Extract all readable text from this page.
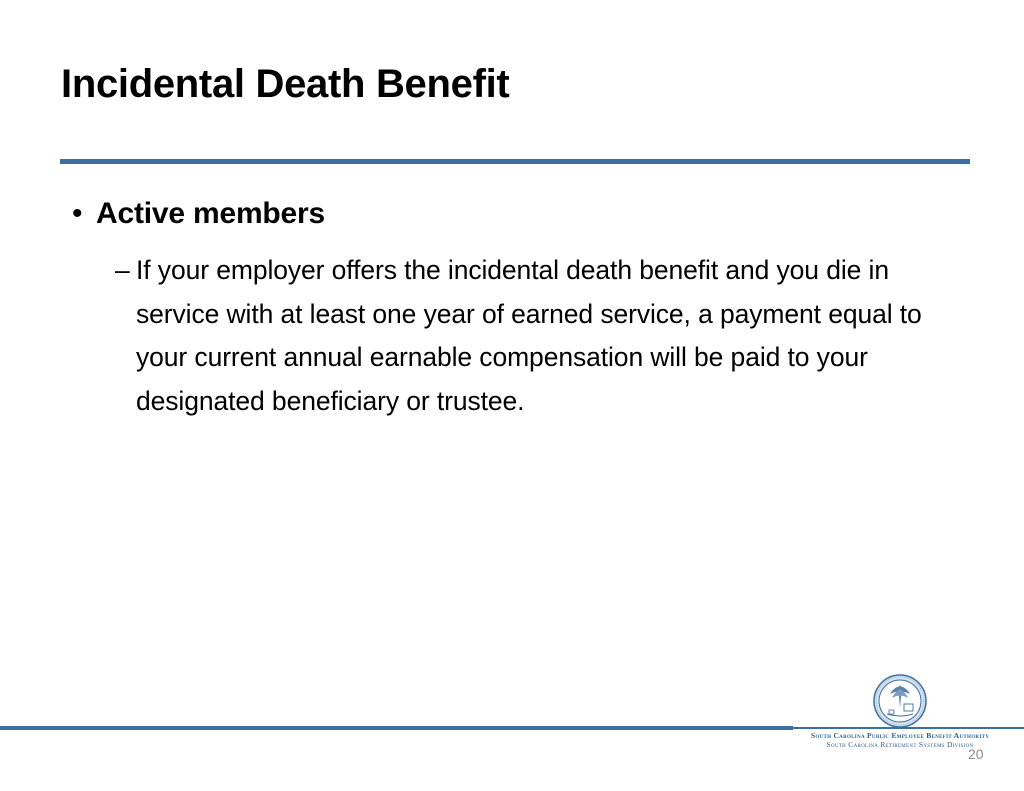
Incidental Death Benefit
• Active members
– If your employer offers the incidental death benefit and you die in service with at least one year of earned service, a payment equal to your current annual earnable compensation will be paid to your designated beneficiary or trustee.
South Carolina Public Employee Benefit Authority
South Carolina Retirement Systems Division
20
